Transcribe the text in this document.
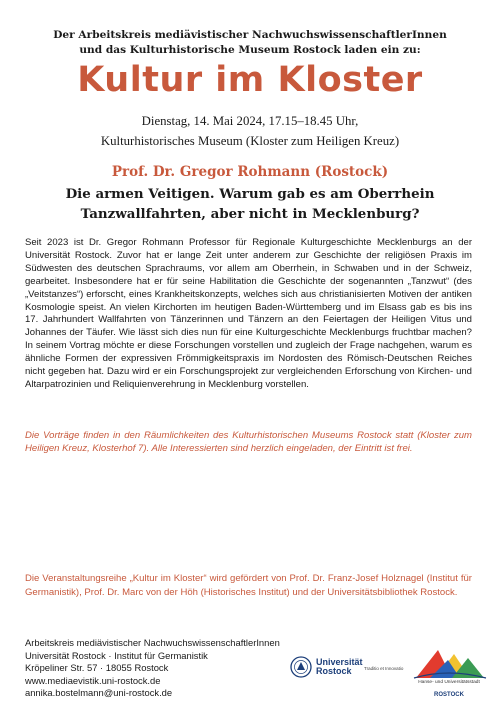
Der Arbeitskreis mediävistischer NachwuchswissenschaftlerInnen
und das Kulturhistorische Museum Rostock laden ein zu:
Kultur im Kloster
Dienstag, 14. Mai 2024, 17.15–18.45 Uhr,
Kulturhistorisches Museum (Kloster zum Heiligen Kreuz)
Prof. Dr. Gregor Rohmann (Rostock)
Die armen Veitigen. Warum gab es am Oberrhein
Tanzwallfahrten, aber nicht in Mecklenburg?
Seit 2023 ist Dr. Gregor Rohmann Professor für Regionale Kulturgeschichte Mecklenburgs an der Universität Rostock. Zuvor hat er lange Zeit unter anderem zur Geschichte der religiösen Praxis im Südwesten des deutschen Sprachraums, vor allem am Oberrhein, in Schwaben und in der Schweiz, gearbeitet. Insbesondere hat er für seine Habilitation die Geschichte der sogenannten „Tanzwut“ (des „Veitstanzes“) erforscht, eines Krankheitskonzepts, welches sich aus christianisierten Motiven der antiken Kosmologie speist. An vielen Kirchorten im heutigen Baden-Württemberg und im Elsass gab es bis ins 17. Jahrhundert Wallfahrten von Tänzerinnen und Tänzern an den Feiertagen der Heiligen Vitus und Johannes der Täufer. Wie lässt sich dies nun für eine Kulturgeschichte Mecklenburgs fruchtbar machen? In seinem Vortrag möchte er diese Forschungen vorstellen und zugleich der Frage nachgehen, warum es ähnliche Formen der expressiven Frömmigkeitspraxis im Nordosten des Römisch-Deutschen Reiches nicht gegeben hat. Dazu wird er ein Forschungsprojekt zur vergleichenden Erforschung von Kirchen- und Altarpatrozinien und Reliquienverehrung in Mecklenburg vorstellen.
Die Vorträge finden in den Räumlichkeiten des Kulturhistorischen Museums Rostock statt (Kloster zum Heiligen Kreuz, Klosterhof 7). Alle Interessierten sind herzlich eingeladen, der Eintritt ist frei.
Die Veranstaltungsreihe „Kultur im Kloster“ wird gefördert von Prof. Dr. Franz-Josef Holznagel (Institut für Germanistik), Prof. Dr. Marc von der Höh (Historisches Institut) und der Universitätsbibliothek Rostock.
Arbeitskreis mediävistischer NachwuchswissenschaftlerInnen
Universität Rostock · Institut für Germanistik
Kröpeliner Str. 57 · 18055 Rostock
www.mediaevistik.uni-rostock.de
annika.bostelmann@uni-rostock.de
Universität
Rostock	Traditio et Innovatio
Hanse- und Universitätsstadt
ROSTOCK
